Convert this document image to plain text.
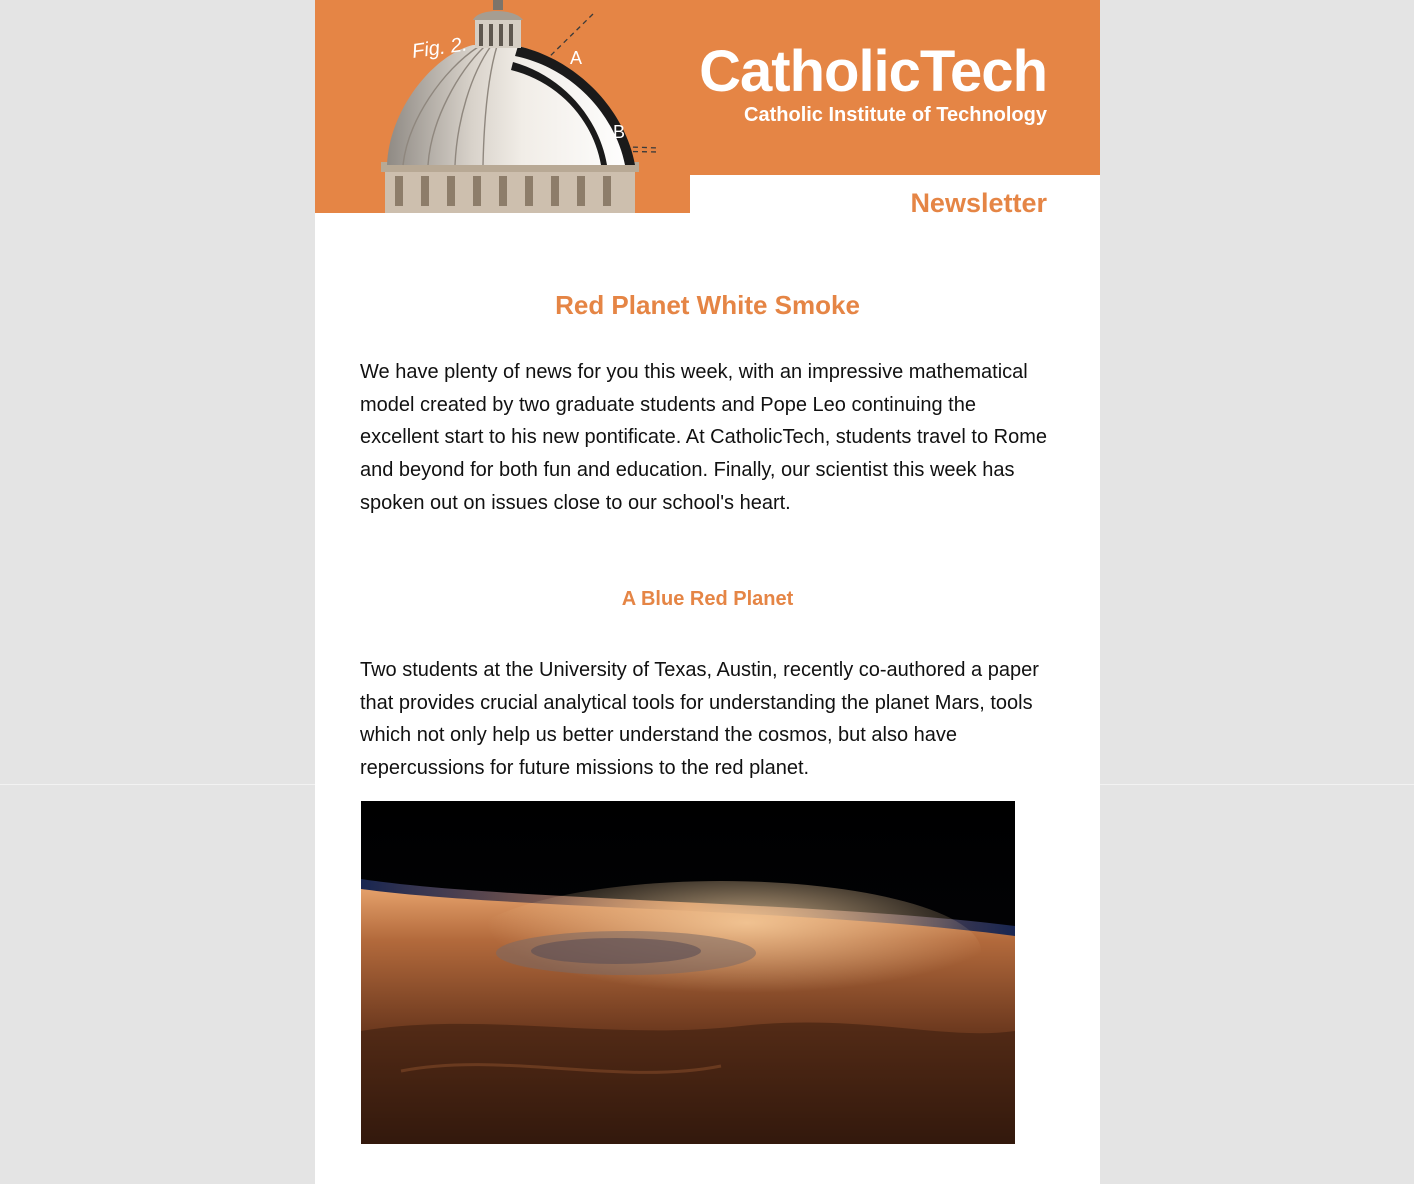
Fig. 2.	A
B
CatholicTech
Catholic Institute of Technology
Newsletter
Red Planet White Smoke

We have plenty of news for you this week, with an impressive mathematical model created by two graduate students and Pope Leo continuing the excellent start to his new pontificate. At CatholicTech, students travel to Rome and beyond for both fun and education. Finally, our scientist this week has spoken out on issues close to our school's heart.

A Blue Red Planet

Two students at the University of Texas, Austin, recently co-authored a paper that provides crucial analytical tools for understanding the planet Mars, tools which not only help us better understand the cosmos, but also have repercussions for future missions to the red planet.
